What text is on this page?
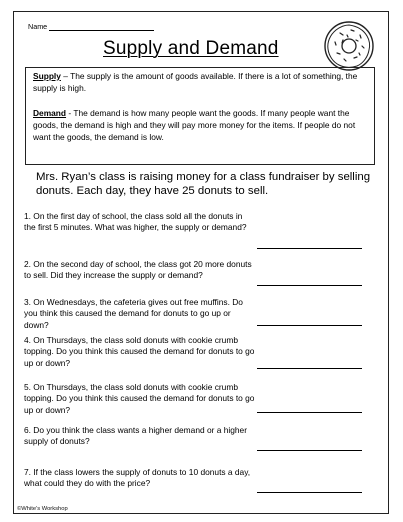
Name
Supply and Demand
Supply – The supply is the amount of goods available. If there is a lot of something, the supply is high.
Demand - The demand is how many people want the goods. If many people want the goods, the demand is high and they will pay more money for the items. If people do not want the goods, the demand is low.
Mrs. Ryan’s class is raising money for a class fundraiser by selling donuts. Each day, they have 25 donuts to sell.
1. On the first day of school, the class sold all the donuts in the first 5 minutes. What was higher, the supply or demand?
2. On the second day of school, the class got 20 more donuts to sell. Did they increase the supply or demand?
3. On Wednesdays, the cafeteria gives out free muffins. Do you think this caused the demand for donuts to go up or down?
4. On Thursdays, the class sold donuts with cookie crumb topping. Do you think this caused the demand for donuts to go up or down?
5. On Thursdays, the class sold donuts with cookie crumb topping. Do you think this caused the demand for donuts to go up or down?
6. Do you think the class wants a higher demand or a higher supply of donuts?
7. If the class lowers the supply of donuts to 10 donuts a day, what could they do with the price?
©White's Workshop
